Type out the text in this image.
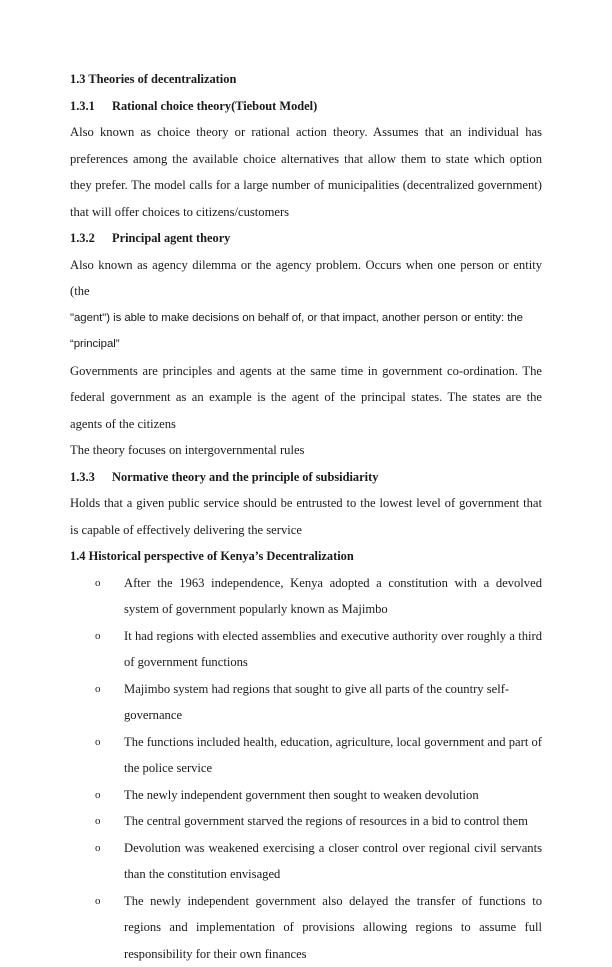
1.3 Theories of decentralization
1.3.1	Rational choice theory(Tiebout Model)

Also known as choice theory or rational action theory. Assumes that an individual has preferences among the available choice alternatives that allow them to state which option they prefer. The model calls for a large number of municipalities (decentralized government) that will offer choices to citizens/customers

1.3.2	Principal agent theory

Also known as agency dilemma or the agency problem. Occurs when one person or entity (the

"agent") is able to make decisions on behalf of, or that impact, another person or entity: the “principal”

Governments are principles and agents at the same time in government co-ordination. The federal government as an example is the agent of the principal states. The states are the agents of the citizens

The theory focuses on intergovernmental rules

1.3.3	Normative theory and the principle of subsidiarity

Holds that a given public service should be entrusted to the lowest level of government that is capable of effectively delivering the service

1.4 Historical perspective of Kenya’s Decentralization
o After the 1963 independence, Kenya adopted a constitution with a devolved system of government popularly known as Majimbo
o It had regions with elected assemblies and executive authority over roughly a third of government functions
o Majimbo system had regions that sought to give all parts of the country self-governance
o The functions included health, education, agriculture, local government and part of the police service
o The newly independent government then sought to weaken devolution
o The central government starved the regions of resources in a bid to control them
o Devolution was weakened exercising a closer control over regional civil servants than the constitution envisaged
o The newly independent government also delayed the transfer of functions to regions and implementation of provisions allowing regions to assume full responsibility for their own finances
